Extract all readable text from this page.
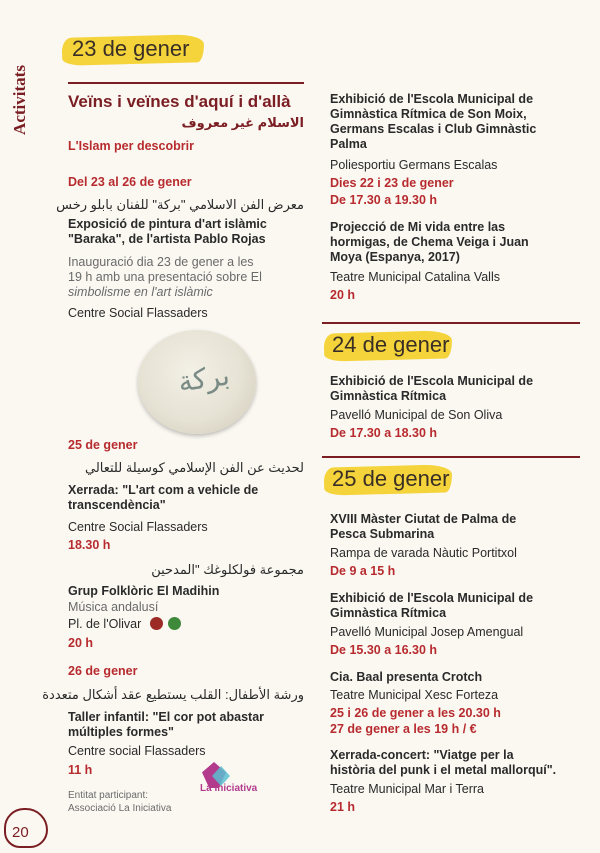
Activitats
23 de gener
Veïns i veïnes d'aquí i d'allà
الاسلام غير معروف
L'Islam per descobrir
Del 23 al 26 de gener
معرض الفن الاسلامي "بركة" للفنان بابلو رخس
Exposició de pintura d'art islàmic
"Baraka", de l'artista Pablo Rojas
Inauguració dia 23 de gener a les
19 h amb una presentació sobre El
simbolisme en l'art islàmic
Centre Social Flassaders
بركة
25 de gener
لحديث عن الفن الإسلامي كوسيلة للتعالي
Xerrada: "L'art com a vehicle de
transcendència"
Centre Social Flassaders
18.30 h
مجموعة فولكلوغك "المدحين
Grup Folklòric El Madihin
Música andalusí
Pl. de l'Olivar
20 h
26 de gener
ورشة الأطفال: القلب يستطيع عقد أشكال متعددة
Taller infantil: "El cor pot abastar
múltiples formes"
Centre social Flassaders
11 h
Entitat participant:
Associació La Iniciativa
La Iniciativa
Exhibició de l'Escola Municipal de
Gimnàstica Rítmica de Son Moix,
Germans Escalas i Club Gimnàstic
Palma
Poliesportiu Germans Escalas
Dies 22 i 23 de gener
De 17.30 a 19.30 h
Projecció de Mi vida entre las
hormigas, de Chema Veiga i Juan
Moya (Espanya, 2017)
Teatre Municipal Catalina Valls
20 h
24 de gener
Exhibició de l'Escola Municipal de
Gimnàstica Rítmica
Pavelló Municipal de Son Oliva
De 17.30 a 18.30 h
25 de gener
XVIII Màster Ciutat de Palma de
Pesca Submarina
Rampa de varada Nàutic Portitxol
De 9 a 15 h
Exhibició de l'Escola Municipal de
Gimnàstica Rítmica
Pavelló Municipal Josep Amengual
De 15.30 a 16.30 h
Cia. Baal presenta Crotch
Teatre Municipal Xesc Forteza
25 i 26 de gener a les 20.30 h
27 de gener a les 19 h / €
Xerrada-concert: "Viatge per la
història del punk i el metal mallorquí".
Teatre Municipal Mar i Terra
21 h
20
